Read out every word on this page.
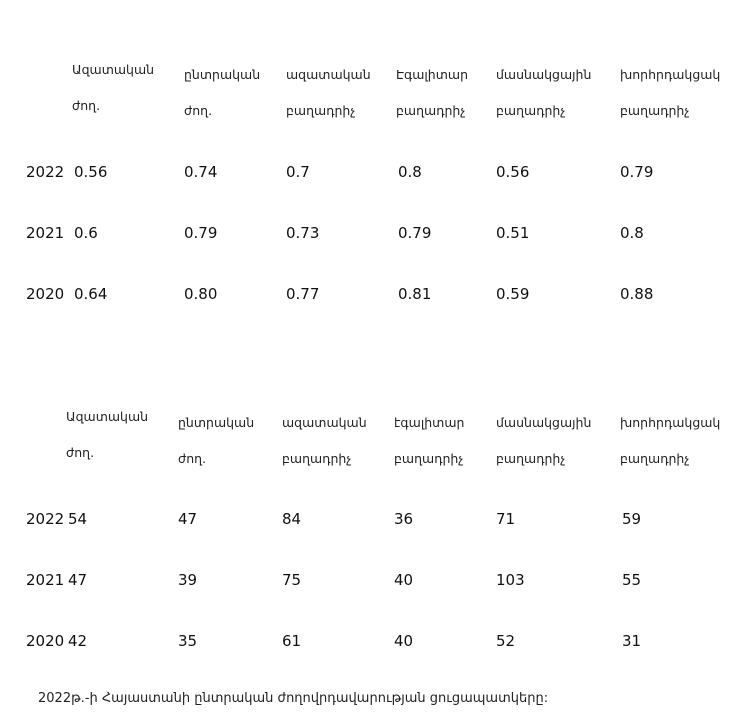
Ազատական
ժող.
ընտրական
ժող.
ազատական
բաղադրիչ
Էգալիտար
բաղադրիչ
մասնակցային
բաղադրիչ
խորհրդակցակ
բաղադրիչ
2022 0.56	0.74	0.7	0.8	0.56	0.79
2021 0.6	0.79	0.73	0.79	0.51	0.8
2020 0.64	0.80	0.77	0.81	0.59	0.88
Ազատական
ժող.
ընտրական
ժող.
ազատական
բաղադրիչ
էգալիտար
բաղադրիչ
մասնակցային
բաղադրիչ
խորհրդակցակ
բաղադրիչ
2022 54	47	84	36	71	59
2021 47	39	75	40	103	55
2020 42	35	61	40	52	31
2022թ.-ի Հայաստանի ընտրական ժողովրդավարության ցուցապատկերը:
